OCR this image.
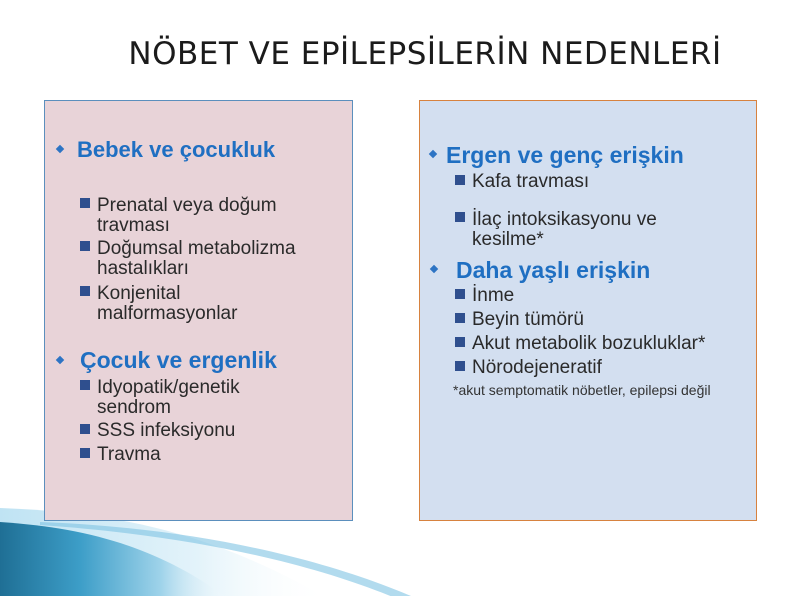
NÖBET VE EPİLEPSİLERİN NEDENLERİ
Bebek ve çocukluk
Prenatal veya doğum travması
Doğumsal metabolizma hastalıkları
Konjenital malformasyonlar
Çocuk ve ergenlik
Idyopatik/genetik sendrom
SSS infeksiyonu
Travma
Ergen ve genç erişkin
Kafa travması
İlaç intoksikasyonu ve kesilme*
Daha yaşlı erişkin
İnme
Beyin tümörü
Akut metabolik bozukluklar*
Nörodejeneratif
*akut semptomatik nöbetler, epilepsi değil
